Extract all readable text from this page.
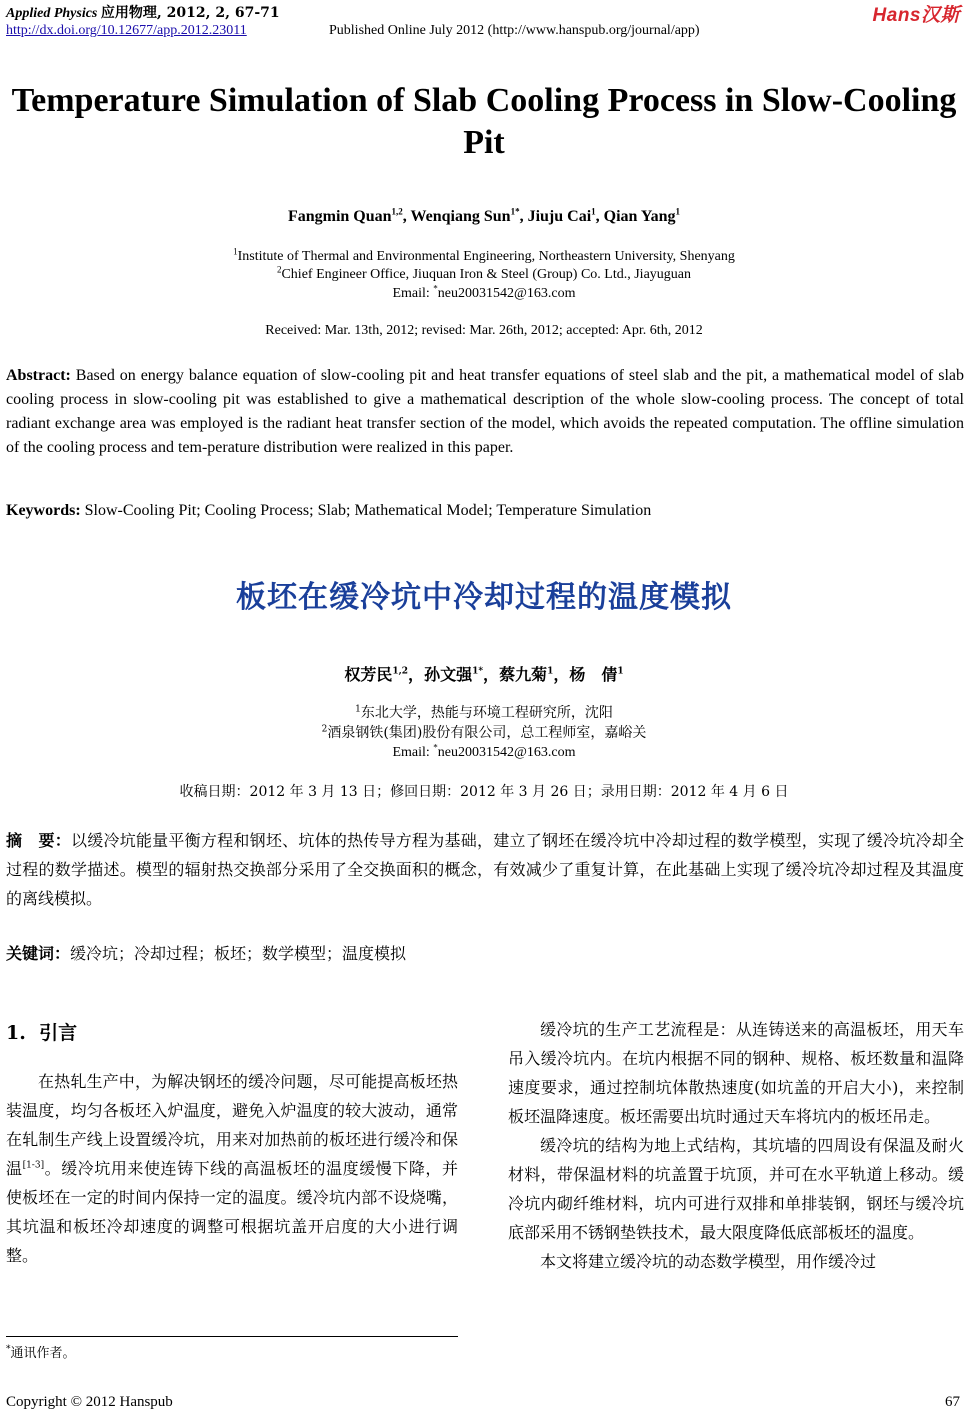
Applied Physics 应用物理, 2012, 2, 67-71
http://dx.doi.org/10.12677/app.2012.23011	Published Online July 2012 (http://www.hanspub.org/journal/app)
Hans汉斯
Temperature Simulation of Slab Cooling Process in Slow-Cooling Pit
Fangmin Quan$^{1,2}$, Wenqiang Sun$^{1*}$, Jiuju Cai$^1$, Qian Yang$^1$
$^1$Institute of Thermal and Environmental Engineering, Northeastern University, Shenyang
$^2$Chief Engineer Office, Jiuquan Iron & Steel (Group) Co. Ltd., Jiayuguan
Email: *neu20031542@163.com
Received: Mar. 13th, 2012; revised: Mar. 26th, 2012; accepted: Apr. 6th, 2012
Abstract: Based on energy balance equation of slow-cooling pit and heat transfer equations of steel slab and the pit, a mathematical model of slab cooling process in slow-cooling pit was established to give a mathematical description of the whole slow-cooling process. The concept of total radiant exchange area was employed is the radiant heat transfer section of the model, which avoids the repeated computation. The offline simulation of the cooling process and tem-perature distribution were realized in this paper.
Keywords: Slow-Cooling Pit; Cooling Process; Slab; Mathematical Model; Temperature Simulation
板坯在缓冷坑中冷却过程的温度模拟
权芳民$^{1,2}$，孙文强$^{1*}$，蔡九菊$^1$，杨　倩$^1$
$^1$东北大学，热能与环境工程研究所，沈阳
$^2$酒泉钢铁(集团)股份有限公司，总工程师室，嘉峪关
Email: *neu20031542@163.com
收稿日期：2012 年 3 月 13 日；修回日期：2012 年 3 月 26 日；录用日期：2012 年 4 月 6 日
摘　要：以缓冷坑能量平衡方程和钢坯、坑体的热传导方程为基础，建立了钢坯在缓冷坑中冷却过程的数学模型，实现了缓冷坑冷却全过程的数学描述。模型的辐射热交换部分采用了全交换面积的概念，有效减少了重复计算，在此基础上实现了缓冷坑冷却过程及其温度的离线模拟。
关键词：缓冷坑；冷却过程；板坯；数学模型；温度模拟
1. 引言

在热轧生产中，为解决钢坯的缓冷问题，尽可能提高板坯热装温度，均匀各板坯入炉温度，避免入炉温度的较大波动，通常在轧制生产线上设置缓冷坑，用来对加热前的板坯进行缓冷和保温[1-3]。缓冷坑用来使连铸下线的高温板坯的温度缓慢下降，并使板坯在一定的时间内保持一定的温度。缓冷坑内部不设烧嘴，其坑温和板坯冷却速度的调整可根据坑盖开启度的大小进行调整。

缓冷坑的生产工艺流程是：从连铸送来的高温板坯，用天车吊入缓冷坑内。在坑内根据不同的钢种、规格、板坯数量和温降速度要求，通过控制坑体散热速度(如坑盖的开启大小)，来控制板坯温降速度。板坯需要出坑时通过天车将坑内的板坯吊走。

缓冷坑的结构为地上式结构，其坑墙的四周设有保温及耐火材料，带保温材料的坑盖置于坑顶，并可在水平轨道上移动。缓冷坑内砌纤维材料，坑内可进行双排和单排装钢，钢坯与缓冷坑底部采用不锈钢垫铁技术，最大限度降低底部板坯的温度。

本文将建立缓冷坑的动态数学模型，用作缓冷过

*通讯作者。
Copyright © 2012 Hanspub	67
